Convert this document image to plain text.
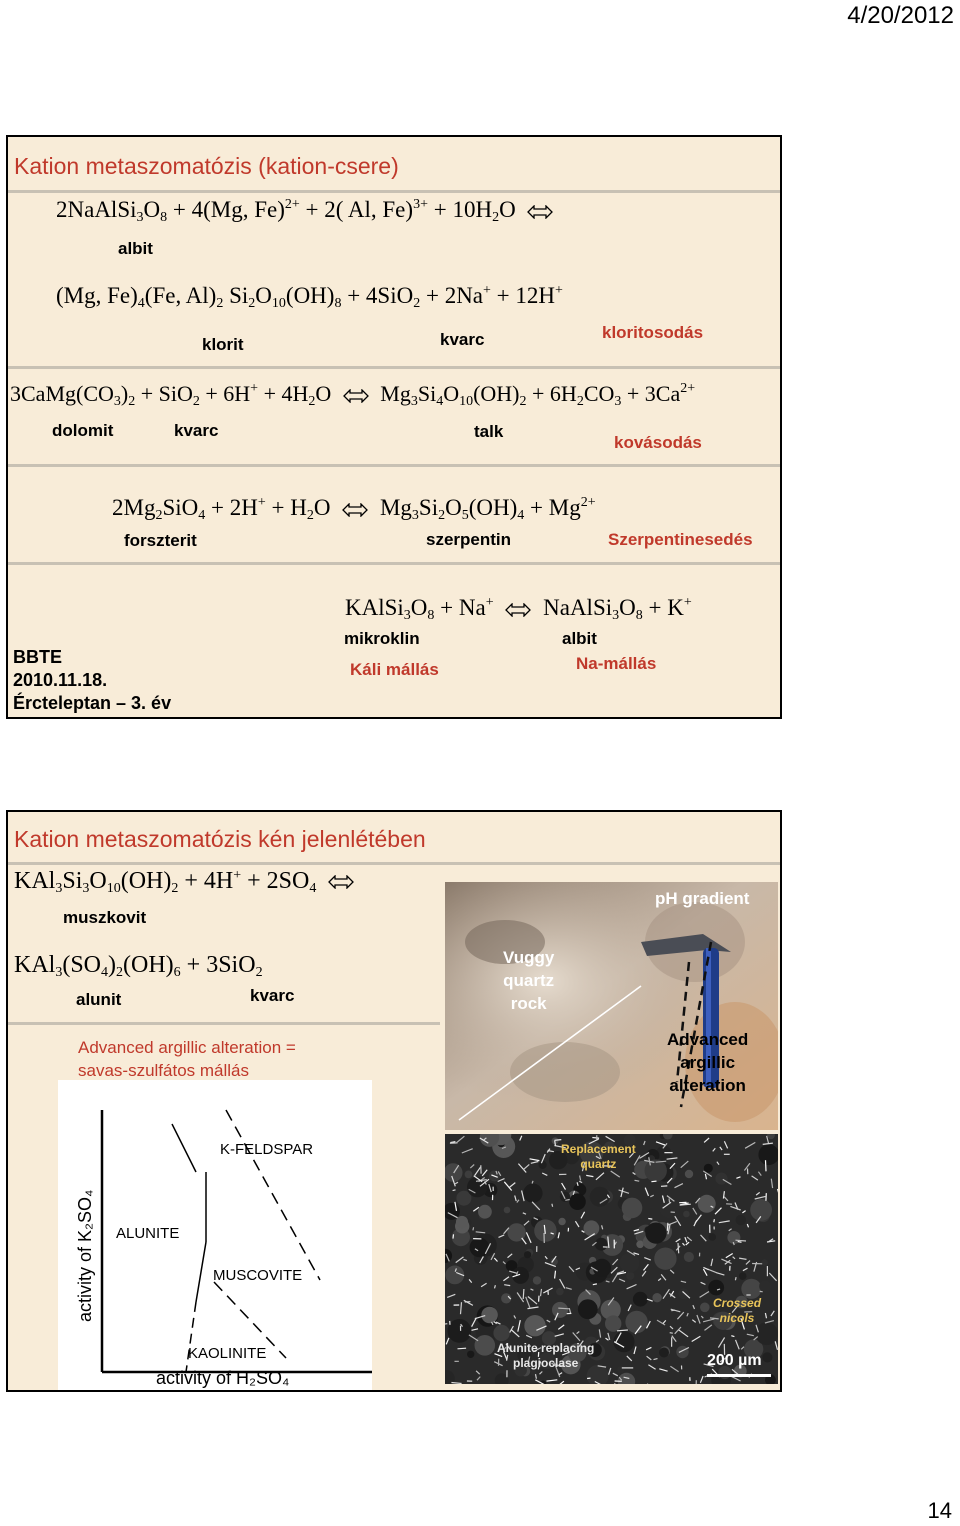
4/20/2012
Kation metaszomatózis (kation-csere)
$2NaAlSi_3O_8 + 4(Mg$, Fe)$^{2+}$ + 2( Al, $Fe)^{3+} + 10H_2O$ ⇌
albit
(Mg, $Fe)_4(Fe$, $Al)_2$ $Si_2O_{10}(OH)_8 + 4SiO_2 + 2Na^+ + 12H^+$
klorit	kvarc	kloritosodás
$3CaMg(CO_3)_2 + SiO_2 + 6H^+ + 4H_2O$ ⇌ $Mg_3Si_4O_{10}(OH)_2 + 6H_2CO_3 + 3Ca^{2+}$
dolomit	kvarc	talk
kovásodás
$2Mg_2SiO_4 + 2H^+ + H_2O$ ⇌ $Mg_3Si_2O_5(OH)_4 + Mg^{2+}$
forszterit	szerpentin	Szerpentinesedés
$KAlSi_3O_8 + Na^+$ ⇌ $NaAlSi_3O_8 + K^+$
mikroklin	albit
Káli mállás	Na-mállás
BBTE
2010.11.18.
Ércteleptan – 3. év
Kation metaszomatózis kén jelenlétében
$KAl_3Si_3O_{10}(OH)_2 + 4H^+ + 2SO_4$ ⇌
muszkovit
$KAl_3(SO_4)_2(OH)_6 + 3SiO_2$
alunit	kvarc
Advanced argillic alteration =
savas-szulfátos mállás
pH gradient
Vuggy
quartz
rock
Advanced
argillic
alteration
Replacement
quartz
Crossed
nicols
Alunite replacing
plagioclase	200 µm
activity of K₂SO₄
activity of H₂SO₄
K-FELDSPAR
ALUNITE
MUSCOVITE
KAOLINITE
14
